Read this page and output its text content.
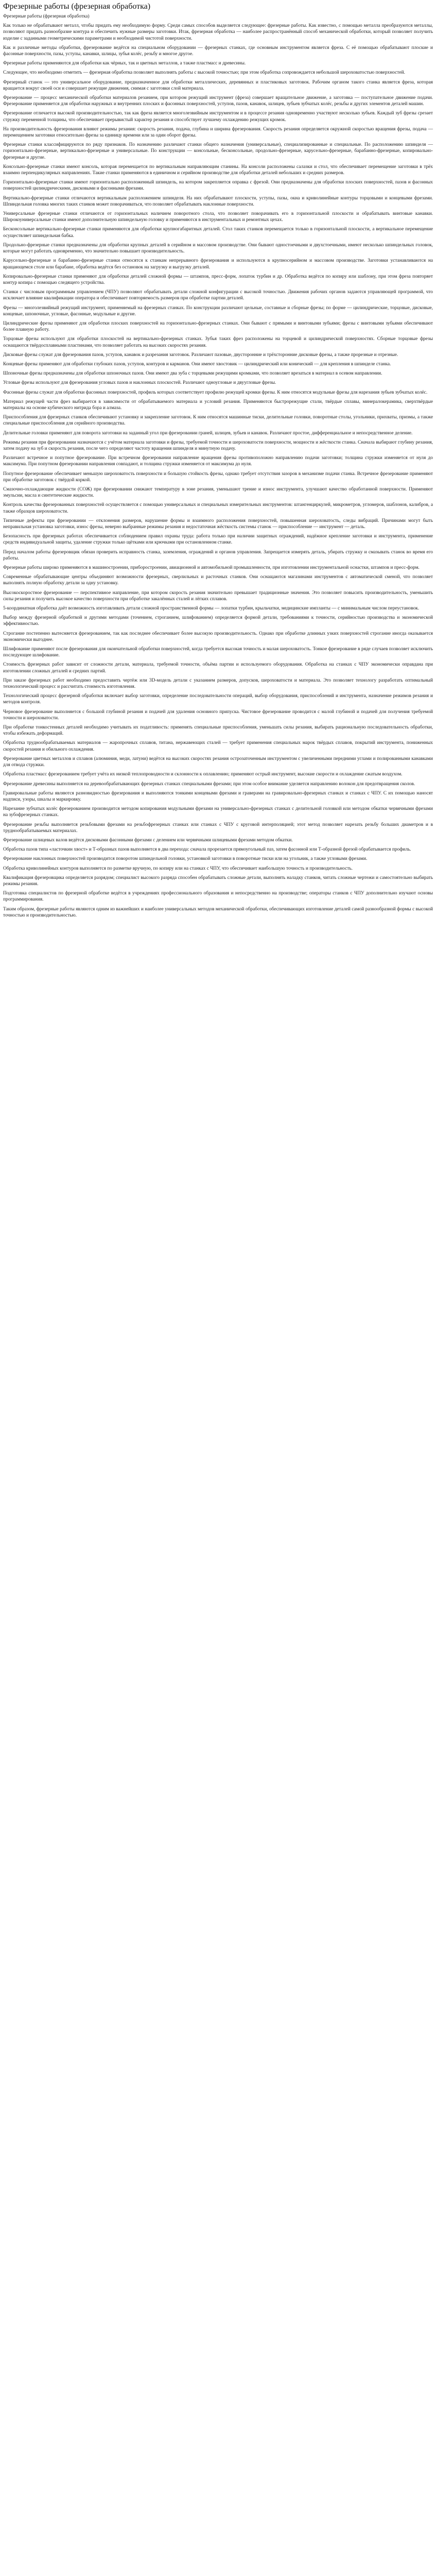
Фрезерные работы (фрезерная обработка)

Фрезерные работы (фрезерная обработка)

Как только не обрабатывают металл, чтобы придать ему необходимую форму. Среди самых способов выделяется следующее: фрезерные работы. Как известно, с помощью металла преобразуются металлы, позволяют придать разнообразие контура и обеспечить нужные размеры заготовки. Итак, фрезерная обработка — наиболее распространённый способ механической обработки, который позволяет получить изделие с заданными геометрическими параметрами и необходимой чистотой поверхности.

Как и различные методы обработки, фрезерование ведётся на специальном оборудовании — фрезерных станках, где основным инструментом является фреза. С её помощью обрабатывают плоские и фасонные поверхности, пазы, уступы, канавки, шлицы, зубья колёс, резьбу и многое другое.

Фрезерные работы применяются для обработки как чёрных, так и цветных металлов, а также пластмасс и древесины.

Следующее, что необходимо отметить — фрезерная обработка позволяет выполнять работы с высокой точностью; при этом обработка сопровождается небольшой шероховатостью поверхностей.

Фрезерный станок — это универсальное оборудование, предназначенное для обработки металлических, деревянных и пластиковых заготовок. Рабочим органом такого станка является фреза, которая вращается вокруг своей оси и совершает режущие движения, снимая с заготовки слой материала.

Фрезерование — процесс механической обработки материалов резанием, при котором режущий инструмент (фреза) совершает вращательное движение, а заготовка — поступательное движение подачи. Фрезерование применяется для обработки наружных и внутренних плоских и фасонных поверхностей, уступов, пазов, канавок, шлицев, зубьев зубчатых колёс, резьбы и других элементов деталей машин.

Фрезерование отличается высокой производительностью, так как фреза является многолезвийным инструментом и в процессе резания одновременно участвуют несколько зубьев. Каждый зуб фрезы срезает стружку переменной толщины, что обеспечивает прерывистый характер резания и способствует лучшему охлаждению режущих кромок.

На производительность фрезерования влияют режимы резания: скорость резания, подача, глубина и ширина фрезерования. Скорость резания определяется окружной скоростью вращения фрезы, подача — перемещением заготовки относительно фрезы за единицу времени или за один оборот фрезы.

Фрезерные станки классифицируются по ряду признаков. По назначению различают станки общего назначения (универсальные), специализированные и специальные. По расположению шпинделя — горизонтально-фрезерные, вертикально-фрезерные и универсальные. По конструкции — консольные, бесконсольные, продольно-фрезерные, карусельно-фрезерные, барабанно-фрезерные, копировально-фрезерные и другие.

Консольно-фрезерные станки имеют консоль, которая перемещается по вертикальным направляющим станины. На консоли расположены салазки и стол, что обеспечивает перемещение заготовки в трёх взаимно перпендикулярных направлениях. Такие станки применяются в единичном и серийном производстве для обработки деталей небольших и средних размеров.

Горизонтально-фрезерные станки имеют горизонтально расположенный шпиндель, на котором закрепляется оправка с фрезой. Они предназначены для обработки плоских поверхностей, пазов и фасонных поверхностей цилиндрическими, дисковыми и фасонными фрезами.

Вертикально-фрезерные станки отличаются вертикальным расположением шпинделя. На них обрабатывают плоскости, уступы, пазы, окна и криволинейные контуры торцовыми и концевыми фрезами. Шпиндельная головка многих таких станков может поворачиваться, что позволяет обрабатывать наклонные поверхности.

Универсальные фрезерные станки отличаются от горизонтальных наличием поворотного стола, что позволяет поворачивать его в горизонтальной плоскости и обрабатывать винтовые канавки. Широкоуниверсальные станки имеют дополнительную шпиндельную головку и применяются в инструментальных и ремонтных цехах.

Бесконсольные вертикально-фрезерные станки применяются для обработки крупногабаритных деталей. Стол таких станков перемещается только в горизонтальной плоскости, а вертикальное перемещение осуществляет шпиндельная бабка.

Продольно-фрезерные станки предназначены для обработки крупных деталей в серийном и массовом производстве. Они бывают одностоечными и двухстоечными, имеют несколько шпиндельных головок, которые могут работать одновременно, что значительно повышает производительность.

Карусельно-фрезерные и барабанно-фрезерные станки относятся к станкам непрерывного фрезерования и используются в крупносерийном и массовом производстве. Заготовки устанавливаются на вращающемся столе или барабане, обработка ведётся без остановок на загрузку и выгрузку деталей.

Копировально-фрезерные станки применяют для обработки деталей сложной формы — штампов, пресс-форм, лопаток турбин и др. Обработка ведётся по копиру или шаблону, при этом фреза повторяет контур копира с помощью следящего устройства.

Станки с числовым программным управлением (ЧПУ) позволяют обрабатывать детали сложной конфигурации с высокой точностью. Движения рабочих органов задаются управляющей программой, что исключает влияние квалификации оператора и обеспечивает повторяемость размеров при обработке партии деталей.

Фрезы — многолезвийный режущий инструмент, применяемый на фрезерных станках. По конструкции различают цельные, составные и сборные фрезы; по форме — цилиндрические, торцовые, дисковые, концевые, шпоночные, угловые, фасонные, модульные и другие.

Цилиндрические фрезы применяют для обработки плоских поверхностей на горизонтально-фрезерных станках. Они бывают с прямыми и винтовыми зубьями; фрезы с винтовыми зубьями обеспечивают более плавную работу.

Торцовые фрезы используют для обработки плоскостей на вертикально-фрезерных станках. Зубья таких фрез расположены на торцевой и цилиндрической поверхностях. Сборные торцовые фрезы оснащаются твёрдосплавными пластинами, что позволяет работать на высоких скоростях резания.

Дисковые фрезы служат для фрезерования пазов, уступов, канавок и разрезания заготовок. Различают пазовые, двусторонние и трёхсторонние дисковые фрезы, а также прорезные и отрезные.

Концевые фрезы применяют для обработки глубоких пазов, уступов, контуров и карманов. Они имеют хвостовик — цилиндрический или конический — для крепления в шпинделе станка.

Шпоночные фрезы предназначены для обработки шпоночных пазов. Они имеют два зуба с торцевыми режущими кромками, что позволяет врезаться в материал в осевом направлении.

Угловые фрезы используют для фрезерования угловых пазов и наклонных плоскостей. Различают одноугловые и двуугловые фрезы.

Фасонные фрезы служат для обработки фасонных поверхностей, профиль которых соответствует профилю режущей кромки фрезы. К ним относятся модульные фрезы для нарезания зубьев зубчатых колёс.

Материал режущей части фрез выбирается в зависимости от обрабатываемого материала и условий резания. Применяются быстрорежущие стали, твёрдые сплавы, минералокерамика, сверхтвёрдые материалы на основе кубического нитрида бора и алмаза.

Приспособления для фрезерных станков обеспечивают установку и закрепление заготовок. К ним относятся машинные тиски, делительные головки, поворотные столы, угольники, прихваты, призмы, а также специальные приспособления для серийного производства.

Делительные головки применяют для поворота заготовки на заданный угол при фрезеровании граней, шлицев, зубьев и канавок. Различают простое, дифференциальное и непосредственное деление.

Режимы резания при фрезеровании назначаются с учётом материала заготовки и фрезы, требуемой точности и шероховатости поверхности, мощности и жёсткости станка. Сначала выбирают глубину резания, затем подачу на зуб и скорость резания, после чего определяют частоту вращения шпинделя и минутную подачу.

Различают встречное и попутное фрезерование. При встречном фрезеровании направление вращения фрезы противоположно направлению подачи заготовки; толщина стружки изменяется от нуля до максимума. При попутном фрезеровании направления совпадают, и толщина стружки изменяется от максимума до нуля.

Попутное фрезерование обеспечивает меньшую шероховатость поверхности и большую стойкость фрезы, однако требует отсутствия зазоров в механизме подачи станка. Встречное фрезерование применяют при обработке заготовок с твёрдой коркой.

Смазочно-охлаждающие жидкости (СОЖ) при фрезеровании снижают температуру в зоне резания, уменьшают трение и износ инструмента, улучшают качество обработанной поверхности. Применяют эмульсии, масла и синтетические жидкости.

Контроль качества фрезерованных поверхностей осуществляется с помощью универсальных и специальных измерительных инструментов: штангенциркулей, микрометров, угломеров, шаблонов, калибров, а также образцов шероховатости.

Типичные дефекты при фрезеровании — отклонения размеров, нарушение формы и взаимного расположения поверхностей, повышенная шероховатость, следы вибраций. Причинами могут быть неправильная установка заготовки, износ фрезы, неверно выбранные режимы резания и недостаточная жёсткость системы станок — приспособление — инструмент — деталь.

Безопасность при фрезерных работах обеспечивается соблюдением правил охраны труда: работа только при наличии защитных ограждений, надёжное крепление заготовки и инструмента, применение средств индивидуальной защиты, удаление стружки только щётками или крючками при остановленном станке.

Перед началом работы фрезеровщик обязан проверить исправность станка, заземления, ограждений и органов управления. Запрещается измерять деталь, убирать стружку и смазывать станок во время его работы.

Фрезерные работы широко применяются в машиностроении, приборостроении, авиационной и автомобильной промышленности, при изготовлении инструментальной оснастки, штампов и пресс-форм.

Современные обрабатывающие центры объединяют возможности фрезерных, сверлильных и расточных станков. Они оснащаются магазинами инструментов с автоматической сменой, что позволяет выполнять полную обработку детали за одну установку.

Высокоскоростное фрезерование — перспективное направление, при котором скорость резания значительно превышает традиционные значения. Это позволяет повысить производительность, уменьшить силы резания и получить высокое качество поверхности при обработке закалённых сталей и лёгких сплавов.

5-координатная обработка даёт возможность изготавливать детали сложной пространственной формы — лопатки турбин, крыльчатки, медицинские импланты — с минимальным числом переустановок.

Выбор между фрезерной обработкой и другими методами (точением, строганием, шлифованием) определяется формой детали, требованиями к точности, серийностью производства и экономической эффективностью.

Строгание постепенно вытесняется фрезерованием, так как последнее обеспечивает более высокую производительность. Однако при обработке длинных узких поверхностей строгание иногда оказывается экономически выгоднее.

Шлифование применяют после фрезерования для окончательной обработки поверхностей, когда требуется высокая точность и малая шероховатость. Тонкое фрезерование в ряде случаев позволяет исключить последующее шлифование.

Стоимость фрезерных работ зависит от сложности детали, материала, требуемой точности, объёма партии и используемого оборудования. Обработка на станках с ЧПУ экономически оправдана при изготовлении сложных деталей и средних партий.

При заказе фрезерных работ необходимо предоставить чертёж или 3D-модель детали с указанием размеров, допусков, шероховатости и материала. Это позволяет технологу разработать оптимальный технологический процесс и рассчитать стоимость изготовления.

Технологический процесс фрезерной обработки включает выбор заготовки, определение последовательности операций, выбор оборудования, приспособлений и инструмента, назначение режимов резания и методов контроля.

Черновое фрезерование выполняется с большой глубиной резания и подачей для удаления основного припуска. Чистовое фрезерование проводится с малой глубиной и подачей для получения требуемой точности и шероховатости.

При обработке тонкостенных деталей необходимо учитывать их податливость: применять специальные приспособления, уменьшать силы резания, выбирать рациональную последовательность обработки, чтобы избежать деформаций.

Обработка труднообрабатываемых материалов — жаропрочных сплавов, титана, нержавеющих сталей — требует применения специальных марок твёрдых сплавов, покрытий инструмента, пониженных скоростей резания и обильного охлаждения.

Фрезерование цветных металлов и сплавов (алюминия, меди, латуни) ведётся на высоких скоростях резания острозаточенным инструментом с увеличенными передними углами и полированными канавками для отвода стружки.

Обработка пластмасс фрезерованием требует учёта их низкой теплопроводности и склонности к оплавлению; применяют острый инструмент, высокие скорости и охлаждение сжатым воздухом.

Фрезерование древесины выполняется на деревообрабатывающих фрезерных станках специальными фрезами; при этом особое внимание уделяется направлению волокон для предотвращения сколов.

Гравировальные работы являются разновидностью фрезерования и выполняются тонкими концевыми фрезами и граверами на гравировально-фрезерных станках и станках с ЧПУ. С их помощью наносят надписи, узоры, шкалы и маркировку.

Нарезание зубчатых колёс фрезерованием производится методом копирования модульными фрезами на универсально-фрезерных станках с делительной головкой или методом обкатки червячными фрезами на зубофрезерных станках.

Фрезерование резьбы выполняется резьбовыми фрезами на резьбофрезерных станках или станках с ЧПУ с круговой интерполяцией; этот метод позволяет нарезать резьбу больших диаметров и в труднообрабатываемых материалах.

Фрезерование шлицевых валов ведётся дисковыми фасонными фрезами с делением или червячными шлицевыми фрезами методом обкатки.

Обработка пазов типа «ласточкин хвост» и Т-образных пазов выполняется в два перехода: сначала прорезается прямоугольный паз, затем фасонной или Т-образной фрезой обрабатывается профиль.

Фрезерование наклонных поверхностей производится поворотом шпиндельной головки, установкой заготовки в поворотные тиски или на угольник, а также угловыми фрезами.

Обработка криволинейных контуров выполняется по разметке вручную, по копиру или на станках с ЧПУ, что обеспечивает наибольшую точность и производительность.

Квалификация фрезеровщика определяется разрядом; специалист высокого разряда способен обрабатывать сложные детали, выполнять наладку станков, читать сложные чертежи и самостоятельно выбирать режимы резания.

Подготовка специалистов по фрезерной обработке ведётся в учреждениях профессионального образования и непосредственно на производстве; операторы станков с ЧПУ дополнительно изучают основы программирования.

Таким образом, фрезерные работы являются одним из важнейших и наиболее универсальных методов механической обработки, обеспечивающих изготовление деталей самой разнообразной формы с высокой точностью и производительностью.
